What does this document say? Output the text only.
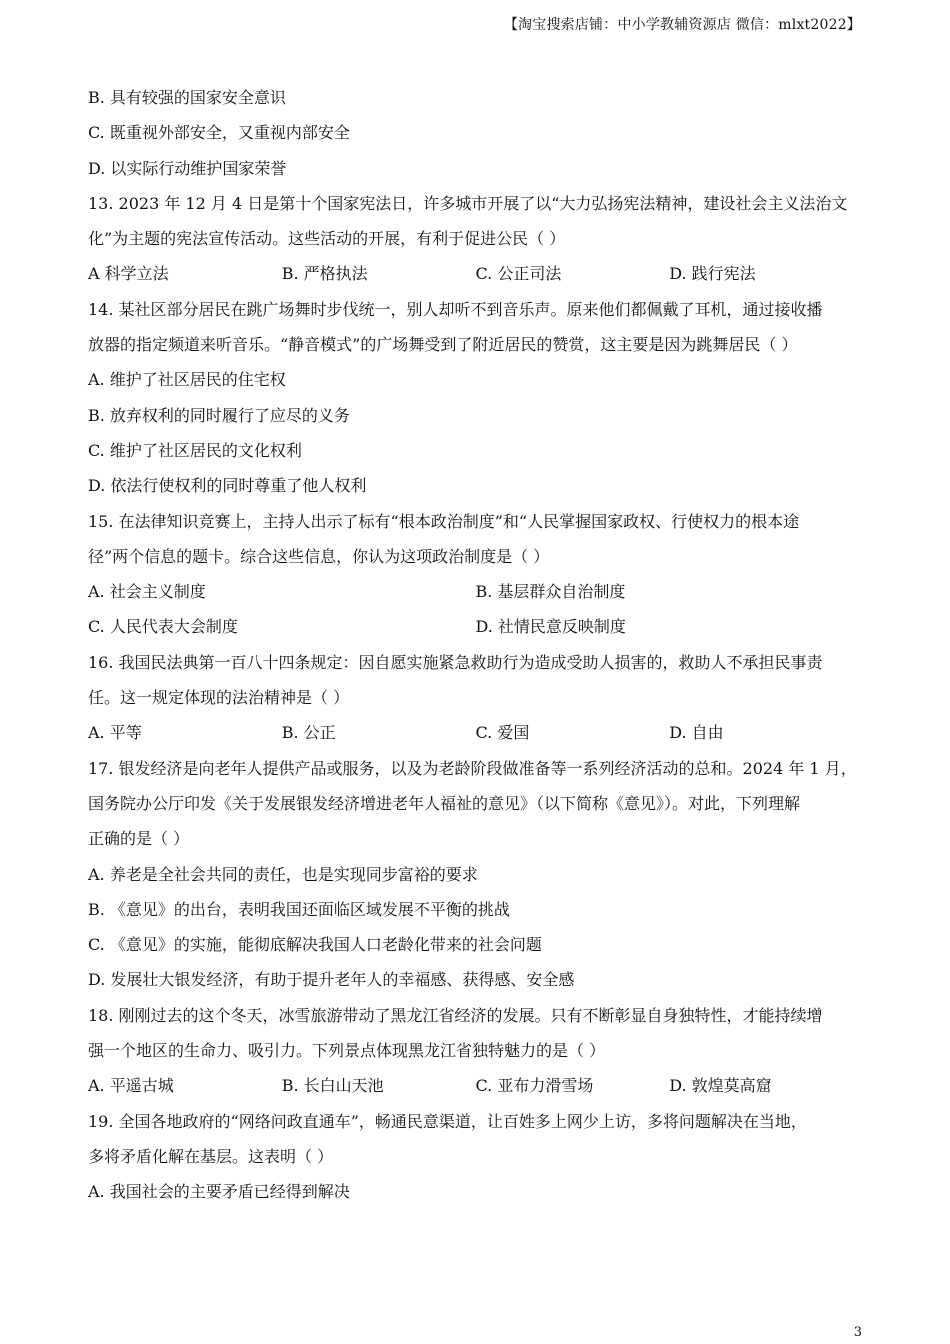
【淘宝搜索店铺：中小学教辅资源店 微信：mlxt2022】
B. 具有较强的国家安全意识
C. 既重视外部安全，又重视内部安全
D. 以实际行动维护国家荣誉
13. 2023 年 12 月 4 日是第十个国家宪法日，许多城市开展了以“大力弘扬宪法精神，建设社会主义法治文
化”为主题的宪法宣传活动。这些活动的开展，有利于促进公民（ ）
A 科学立法	B. 严格执法	C. 公正司法	D. 践行宪法
14. 某社区部分居民在跳广场舞时步伐统一，别人却听不到音乐声。原来他们都佩戴了耳机，通过接收播
放器的指定频道来听音乐。“静音模式”的广场舞受到了附近居民的赞赏，这主要是因为跳舞居民（ ）
A. 维护了社区居民的住宅权
B. 放弃权利的同时履行了应尽的义务
C. 维护了社区居民的文化权利
D. 依法行使权利的同时尊重了他人权利
15. 在法律知识竞赛上，主持人出示了标有“根本政治制度”和“人民掌握国家政权、行使权力的根本途
径”两个信息的题卡。综合这些信息，你认为这项政治制度是（ ）
A. 社会主义制度	B. 基层群众自治制度
C. 人民代表大会制度	D. 社情民意反映制度
16. 我国民法典第一百八十四条规定：因自愿实施紧急救助行为造成受助人损害的，救助人不承担民事责
任。这一规定体现的法治精神是（ ）
A. 平等	B. 公正	C. 爱国	D. 自由
17. 银发经济是向老年人提供产品或服务，以及为老龄阶段做准备等一系列经济活动的总和。2024 年 1 月，
国务院办公厅印发《关于发展银发经济增进老年人福祉的意见》（以下简称《意见》）。对此，下列理解
正确的是（ ）
A. 养老是全社会共同的责任，也是实现同步富裕的要求
B. 《意见》的出台，表明我国还面临区域发展不平衡的挑战
C. 《意见》的实施，能彻底解决我国人口老龄化带来的社会问题
D. 发展壮大银发经济，有助于提升老年人的幸福感、获得感、安全感
18. 刚刚过去的这个冬天，冰雪旅游带动了黑龙江省经济的发展。只有不断彰显自身独特性，才能持续增
强一个地区的生命力、吸引力。下列景点体现黑龙江省独特魅力的是（ ）
A. 平遥古城	B. 长白山天池	C. 亚布力滑雪场	D. 敦煌莫高窟
19. 全国各地政府的“网络问政直通车”，畅通民意渠道，让百姓多上网少上访，多将问题解决在当地，
多将矛盾化解在基层。这表明（ ）
A. 我国社会的主要矛盾已经得到解决
3
